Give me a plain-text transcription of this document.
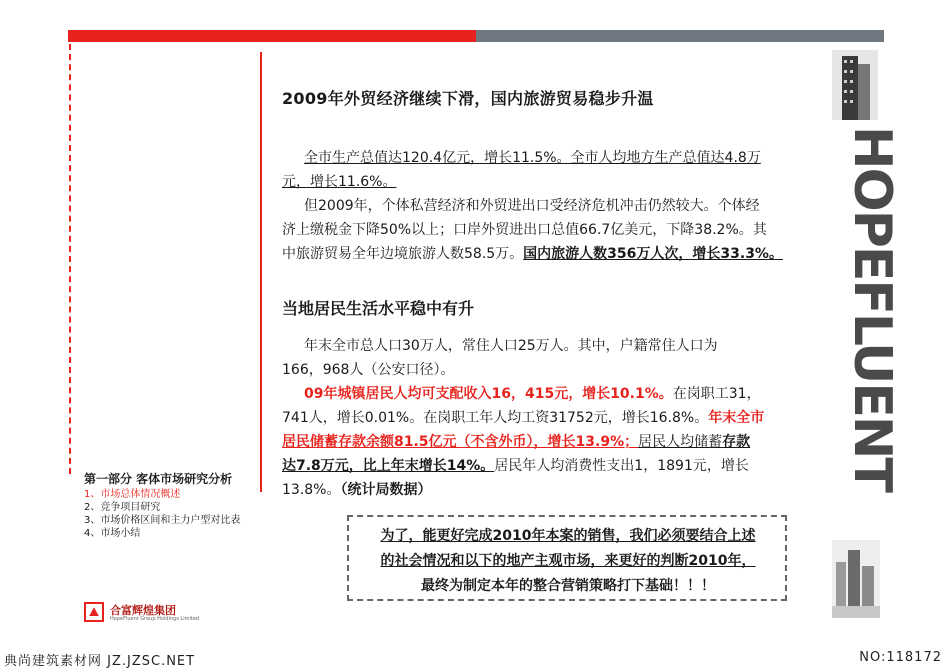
HOPEFLUENT
2009年外贸经济继续下滑，国内旅游贸易稳步升温
全市生产总值达120.4亿元，增长11.5%。全市人均地方生产总值达4.8万
元，增长11.6%。
但2009年，个体私营经济和外贸进出口受经济危机冲击仍然较大。个体经
济上缴税金下降50%以上；口岸外贸进出口总值66.7亿美元，下降38.2%。其
中旅游贸易全年边境旅游人数58.5万。国内旅游人数356万人次，增长33.3%。
当地居民生活水平稳中有升
年末全市总人口30万人，常住人口25万人。其中，户籍常住人口为
166，968人（公安口径）。
09年城镇居民人均可支配收入16，415元，增长10.1%。在岗职工31，
741人，增长0.01%。在岗职工年人均工资31752元，增长16.8%。年末全市
居民储蓄存款余额81.5亿元（不含外币），增长13.9%；居民人均储蓄存款
达7.8万元，比上年末增长14%。居民年人均消费性支出1，1891元，增长
13.8%。（统计局数据）
为了，能更好完成2010年本案的销售，我们必须要结合上述
的社会情况和以下的地产主观市场，来更好的判断2010年，
最终为制定本年的整合营销策略打下基础！！！
第一部分 客体市场研究分析
1、市场总体情况概述
2、竞争项目研究
3、市场价格区间和主力户型对比表
4、市场小结
合富辉煌集团
HopeFluent Group Holdings Limited
典尚建筑素材网 JZ.JZSC.NET	NO:118172
